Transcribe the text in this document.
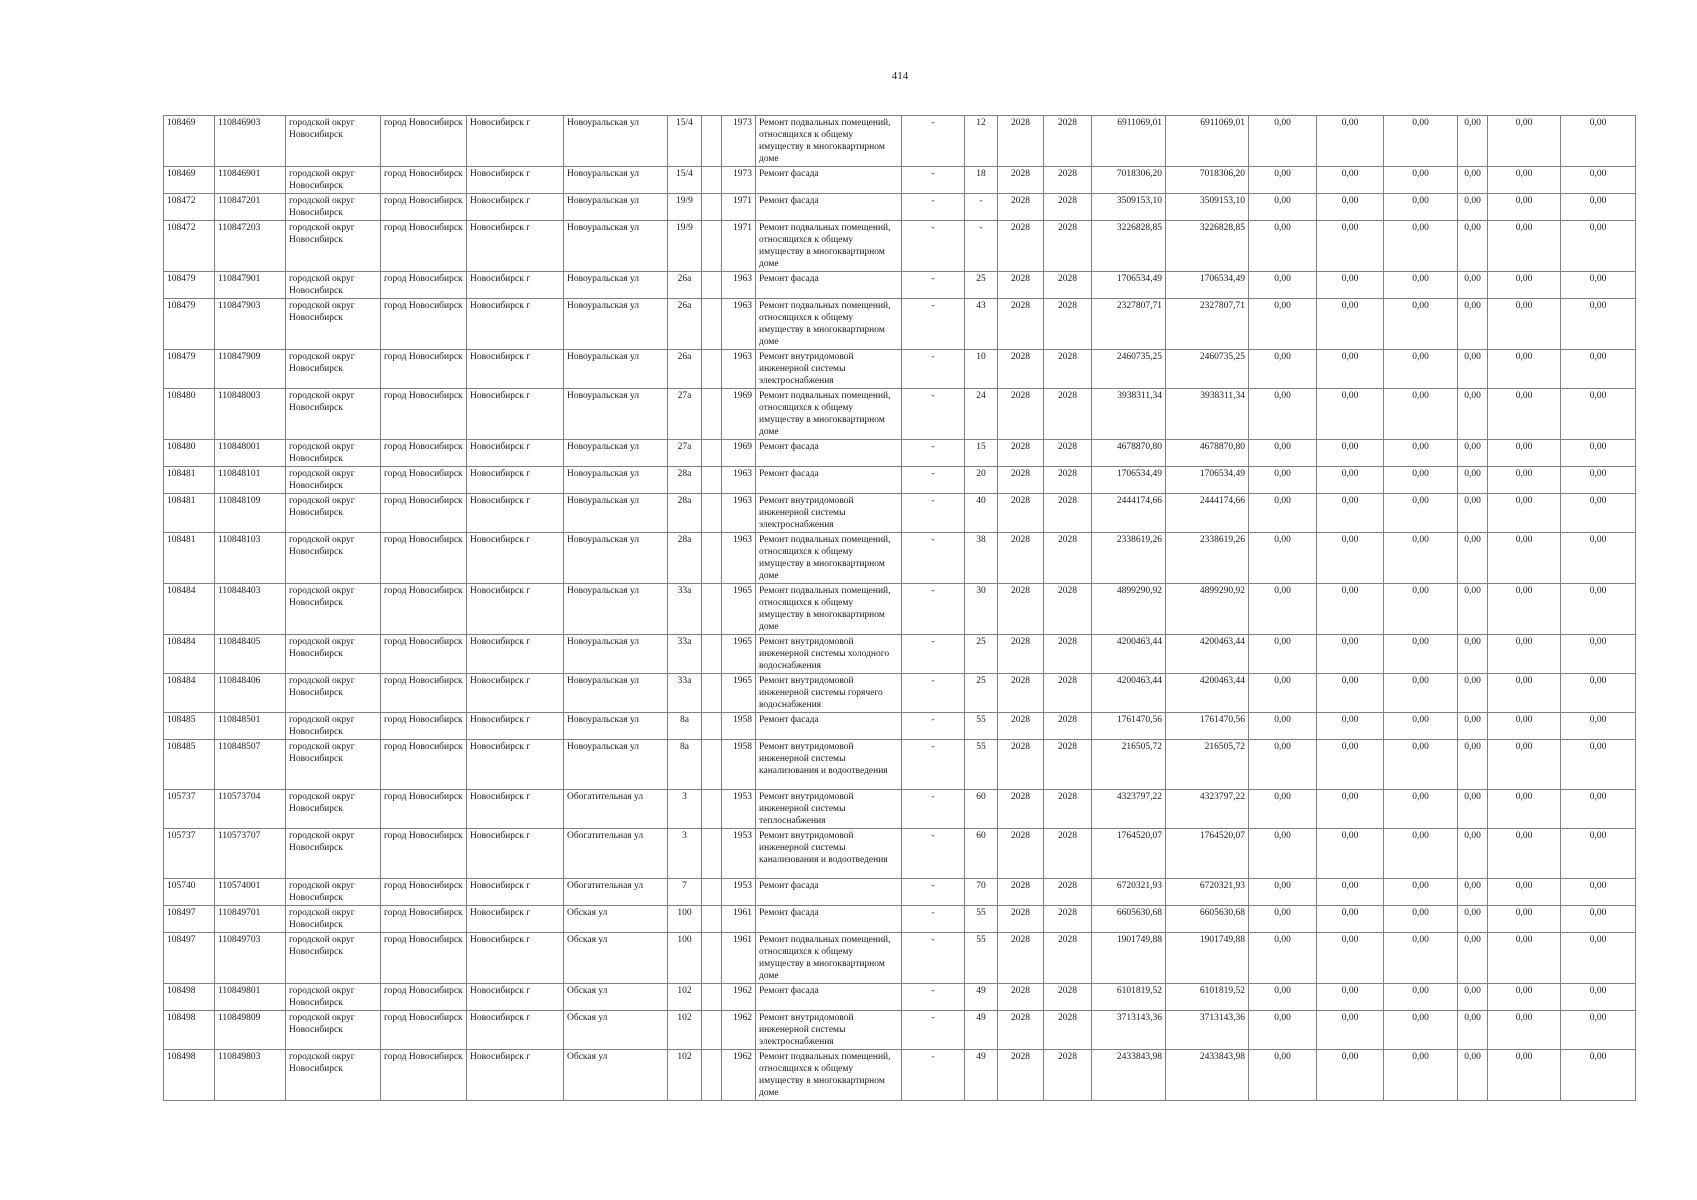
414
108469	110846903	городской округ Новосибирск	город Новосибирск	Новосибирск г	Новоуральская ул	15/4		1973	Ремонт подвальных помещений, относящихся к общему имуществу в многоквартирном доме	-	12	2028	2028	6911069,01	6911069,01	0,00	0,00	0,00	0,00	0,00	0,00
108469	110846901	городской округ Новосибирск	город Новосибирск	Новосибирск г	Новоуральская ул	15/4		1973	Ремонт фасада	-	18	2028	2028	7018306,20	7018306,20	0,00	0,00	0,00	0,00	0,00	0,00
108472	110847201	городской округ Новосибирск	город Новосибирск	Новосибирск г	Новоуральская ул	19/9		1971	Ремонт фасада	-	-	2028	2028	3509153,10	3509153,10	0,00	0,00	0,00	0,00	0,00	0,00
108472	110847203	городской округ Новосибирск	город Новосибирск	Новосибирск г	Новоуральская ул	19/9		1971	Ремонт подвальных помещений, относящихся к общему имуществу в многоквартирном доме	-	-	2028	2028	3226828,85	3226828,85	0,00	0,00	0,00	0,00	0,00	0,00
108479	110847901	городской округ Новосибирск	город Новосибирск	Новосибирск г	Новоуральская ул	26а		1963	Ремонт фасада	-	25	2028	2028	1706534,49	1706534,49	0,00	0,00	0,00	0,00	0,00	0,00
108479	110847903	городской округ Новосибирск	город Новосибирск	Новосибирск г	Новоуральская ул	26а		1963	Ремонт подвальных помещений, относящихся к общему имуществу в многоквартирном доме	-	43	2028	2028	2327807,71	2327807,71	0,00	0,00	0,00	0,00	0,00	0,00
108479	110847909	городской округ Новосибирск	город Новосибирск	Новосибирск г	Новоуральская ул	26а		1963	Ремонт внутридомовой инженерной системы электроснабжения	-	10	2028	2028	2460735,25	2460735,25	0,00	0,00	0,00	0,00	0,00	0,00
108480	110848003	городской округ Новосибирск	город Новосибирск	Новосибирск г	Новоуральская ул	27а		1969	Ремонт подвальных помещений, относящихся к общему имуществу в многоквартирном доме	-	24	2028	2028	3938311,34	3938311,34	0,00	0,00	0,00	0,00	0,00	0,00
108480	110848001	городской округ Новосибирск	город Новосибирск	Новосибирск г	Новоуральская ул	27а		1969	Ремонт фасада	-	15	2028	2028	4678870,80	4678870,80	0,00	0,00	0,00	0,00	0,00	0,00
108481	110848101	городской округ Новосибирск	город Новосибирск	Новосибирск г	Новоуральская ул	28а		1963	Ремонт фасада	-	20	2028	2028	1706534,49	1706534,49	0,00	0,00	0,00	0,00	0,00	0,00
108481	110848109	городской округ Новосибирск	город Новосибирск	Новосибирск г	Новоуральская ул	28а		1963	Ремонт внутридомовой инженерной системы электроснабжения	-	40	2028	2028	2444174,66	2444174,66	0,00	0,00	0,00	0,00	0,00	0,00
108481	110848103	городской округ Новосибирск	город Новосибирск	Новосибирск г	Новоуральская ул	28а		1963	Ремонт подвальных помещений, относящихся к общему имуществу в многоквартирном доме	-	38	2028	2028	2338619,26	2338619,26	0,00	0,00	0,00	0,00	0,00	0,00
108484	110848403	городской округ Новосибирск	город Новосибирск	Новосибирск г	Новоуральская ул	33а		1965	Ремонт подвальных помещений, относящихся к общему имуществу в многоквартирном доме	-	30	2028	2028	4899290,92	4899290,92	0,00	0,00	0,00	0,00	0,00	0,00
108484	110848405	городской округ Новосибирск	город Новосибирск	Новосибирск г	Новоуральская ул	33а		1965	Ремонт внутридомовой инженерной системы холодного водоснабжения	-	25	2028	2028	4200463,44	4200463,44	0,00	0,00	0,00	0,00	0,00	0,00
108484	110848406	городской округ Новосибирск	город Новосибирск	Новосибирск г	Новоуральская ул	33а		1965	Ремонт внутридомовой инженерной системы горячего водоснабжения	-	25	2028	2028	4200463,44	4200463,44	0,00	0,00	0,00	0,00	0,00	0,00
108485	110848501	городской округ Новосибирск	город Новосибирск	Новосибирск г	Новоуральская ул	8а		1958	Ремонт фасада	-	55	2028	2028	1761470,56	1761470,56	0,00	0,00	0,00	0,00	0,00	0,00
108485	110848507	городской округ Новосибирск	город Новосибирск	Новосибирск г	Новоуральская ул	8а		1958	Ремонт внутридомовой инженерной системы канализования и водоотведения	-	55	2028	2028	216505,72	216505,72	0,00	0,00	0,00	0,00	0,00	0,00
105737	110573704	городской округ Новосибирск	город Новосибирск	Новосибирск г	Обогатительная ул	3		1953	Ремонт внутридомовой инженерной системы теплоснабжения	-	60	2028	2028	4323797,22	4323797,22	0,00	0,00	0,00	0,00	0,00	0,00
105737	110573707	городской округ Новосибирск	город Новосибирск	Новосибирск г	Обогатительная ул	3		1953	Ремонт внутридомовой инженерной системы канализования и водоотведения	-	60	2028	2028	1764520,07	1764520,07	0,00	0,00	0,00	0,00	0,00	0,00
105740	110574001	городской округ Новосибирск	город Новосибирск	Новосибирск г	Обогатительная ул	7		1953	Ремонт фасада	-	70	2028	2028	6720321,93	6720321,93	0,00	0,00	0,00	0,00	0,00	0,00
108497	110849701	городской округ Новосибирск	город Новосибирск	Новосибирск г	Обская ул	100		1961	Ремонт фасада	-	55	2028	2028	6605630,68	6605630,68	0,00	0,00	0,00	0,00	0,00	0,00
108497	110849703	городской округ Новосибирск	город Новосибирск	Новосибирск г	Обская ул	100		1961	Ремонт подвальных помещений, относящихся к общему имуществу в многоквартирном доме	-	55	2028	2028	1901749,88	1901749,88	0,00	0,00	0,00	0,00	0,00	0,00
108498	110849801	городской округ Новосибирск	город Новосибирск	Новосибирск г	Обская ул	102		1962	Ремонт фасада	-	49	2028	2028	6101819,52	6101819,52	0,00	0,00	0,00	0,00	0,00	0,00
108498	110849809	городской округ Новосибирск	город Новосибирск	Новосибирск г	Обская ул	102		1962	Ремонт внутридомовой инженерной системы электроснабжения	-	49	2028	2028	3713143,36	3713143,36	0,00	0,00	0,00	0,00	0,00	0,00
108498	110849803	городской округ Новосибирск	город Новосибирск	Новосибирск г	Обская ул	102		1962	Ремонт подвальных помещений, относящихся к общему имуществу в многоквартирном доме	-	49	2028	2028	2433843,98	2433843,98	0,00	0,00	0,00	0,00	0,00	0,00
